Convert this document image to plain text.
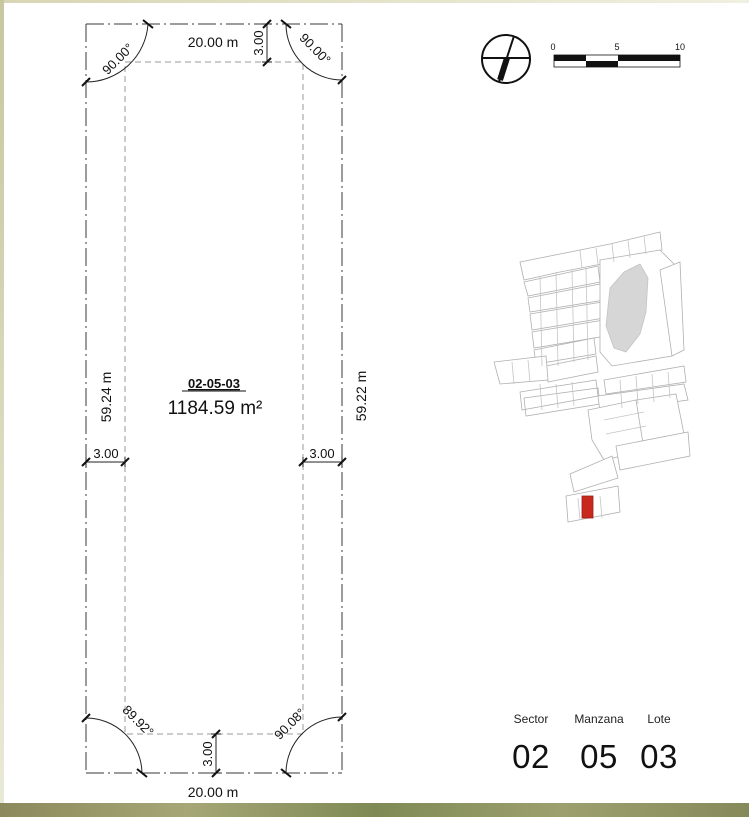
20.00 m
20.00 m
59.24 m	59.22 m
3.00
3.00
3.00	3.00
90.00°	90.00°
89.92°	90.08°
02-05-03
1184.59 m²
0	5	10
Sector
02
Manzana
05
Lote
03
